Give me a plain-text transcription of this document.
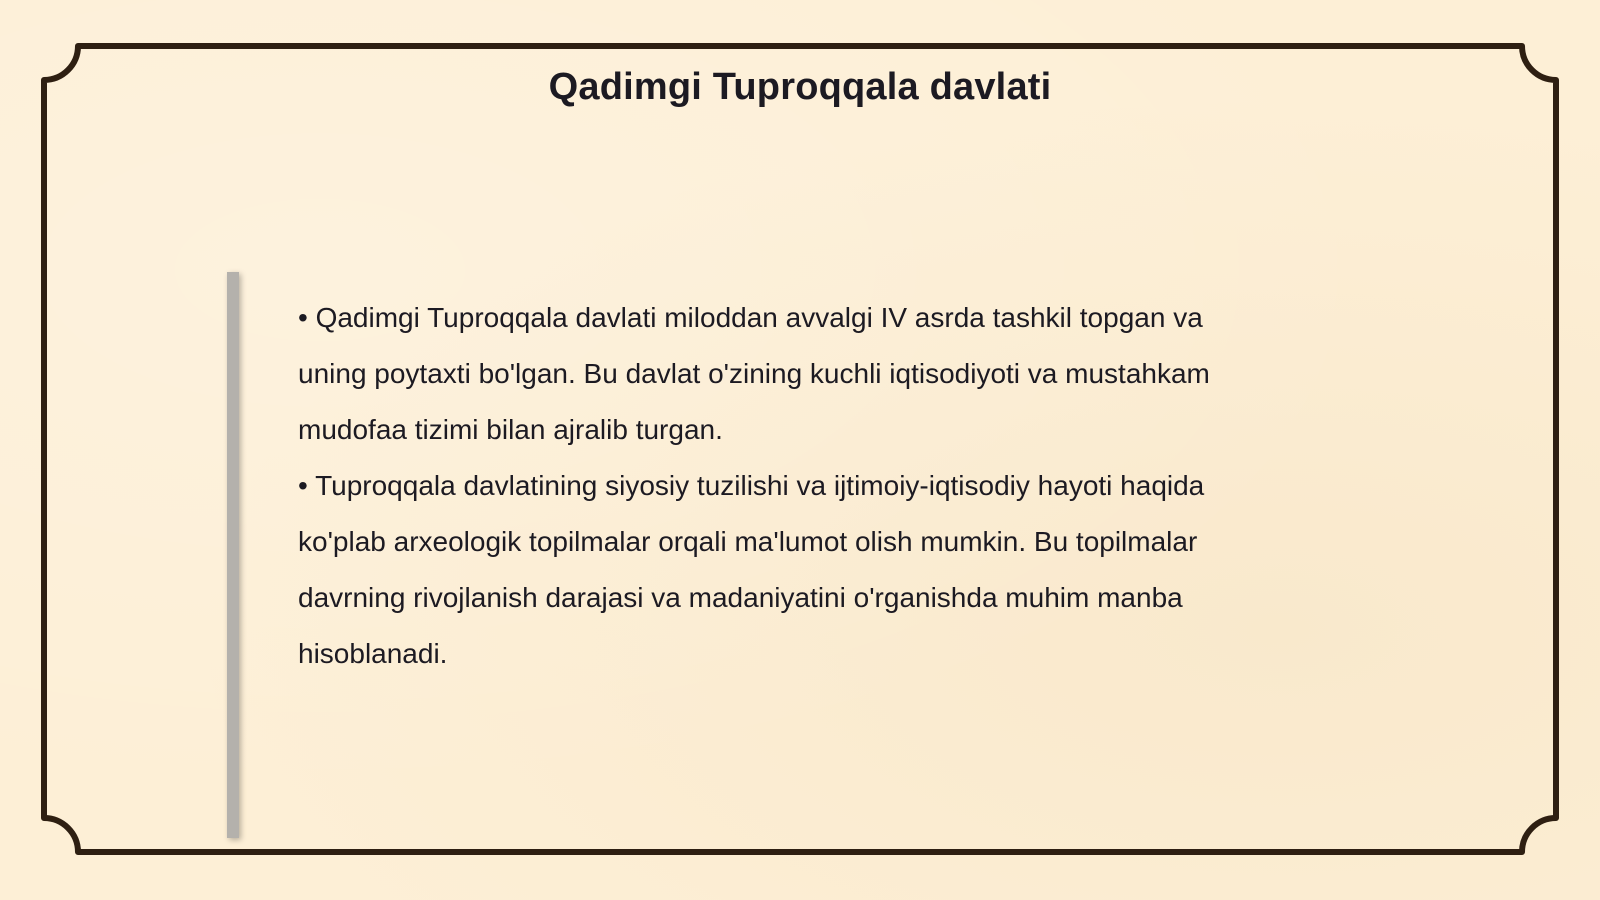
Qadimgi Tuproqqala davlati

• Qadimgi Tuproqqala davlati miloddan avvalgi IV asrda tashkil topgan va uning poytaxti bo'lgan. Bu davlat o'zining kuchli iqtisodiyoti va mustahkam mudofaa tizimi bilan ajralib turgan.

• Tuproqqala davlatining siyosiy tuzilishi va ijtimoiy-iqtisodiy hayoti haqida ko'plab arxeologik topilmalar orqali ma'lumot olish mumkin. Bu topilmalar davrning rivojlanish darajasi va madaniyatini o'rganishda muhim manba hisoblanadi.
